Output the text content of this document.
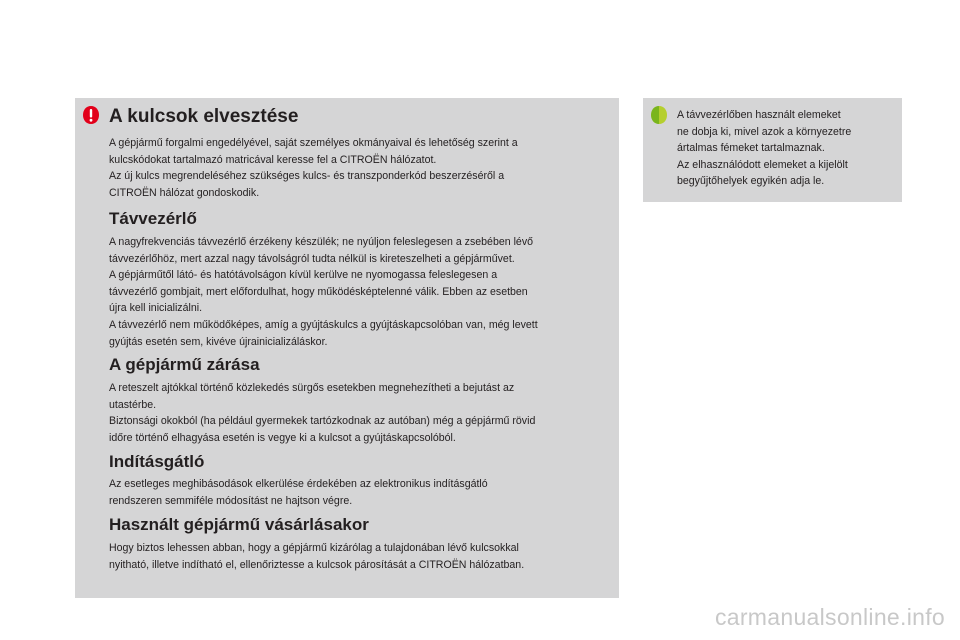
A kulcsok elvesztése

A gépjármű forgalmi engedélyével, saját személyes okmányaival és lehetőség szerint a

kulcskódokat tartalmazó matricával keresse fel a CITROËN hálózatot.

Az új kulcs megrendeléséhez szükséges kulcs- és transzponderkód beszerzéséről a

CITROËN hálózat gondoskodik.

Távvezérlő

A nagyfrekvenciás távvezérlő érzékeny készülék; ne nyúljon feleslegesen a zsebében lévő

távvezérlőhöz, mert azzal nagy távolságról tudta nélkül is kireteszelheti a gépjárművet.

A gépjárműtől látó- és hatótávolságon kívül kerülve ne nyomogassa feleslegesen a

távvezérlő gombjait, mert előfordulhat, hogy működésképtelenné válik. Ebben az esetben

újra kell inicializálni.

A távvezérlő nem működőképes, amíg a gyújtáskulcs a gyújtáskapcsolóban van, még levett

gyújtás esetén sem, kivéve újrainicializáláskor.

A gépjármű zárása

A reteszelt ajtókkal történő közlekedés sürgős esetekben megnehezítheti a bejutást az

utastérbe.

Biztonsági okokból (ha például gyermekek tartózkodnak az autóban) még a gépjármű rövid

időre történő elhagyása esetén is vegye ki a kulcsot a gyújtáskapcsolóból.

Indításgátló

Az esetleges meghibásodások elkerülése érdekében az elektronikus indításgátló

rendszeren semmiféle módosítást ne hajtson végre.

Használt gépjármű vásárlásakor

Hogy biztos lehessen abban, hogy a gépjármű kizárólag a tulajdonában lévő kulcsokkal

nyitható, illetve indítható el, ellenőriztesse a kulcsok párosítását a CITROËN hálózatban.

A távvezérlőben használt elemeket

ne dobja ki, mivel azok a környezetre

ártalmas fémeket tartalmaznak.

Az elhasználódott elemeket a kijelölt

begyűjtőhelyek egyikén adja le.

carmanualsonline.info
